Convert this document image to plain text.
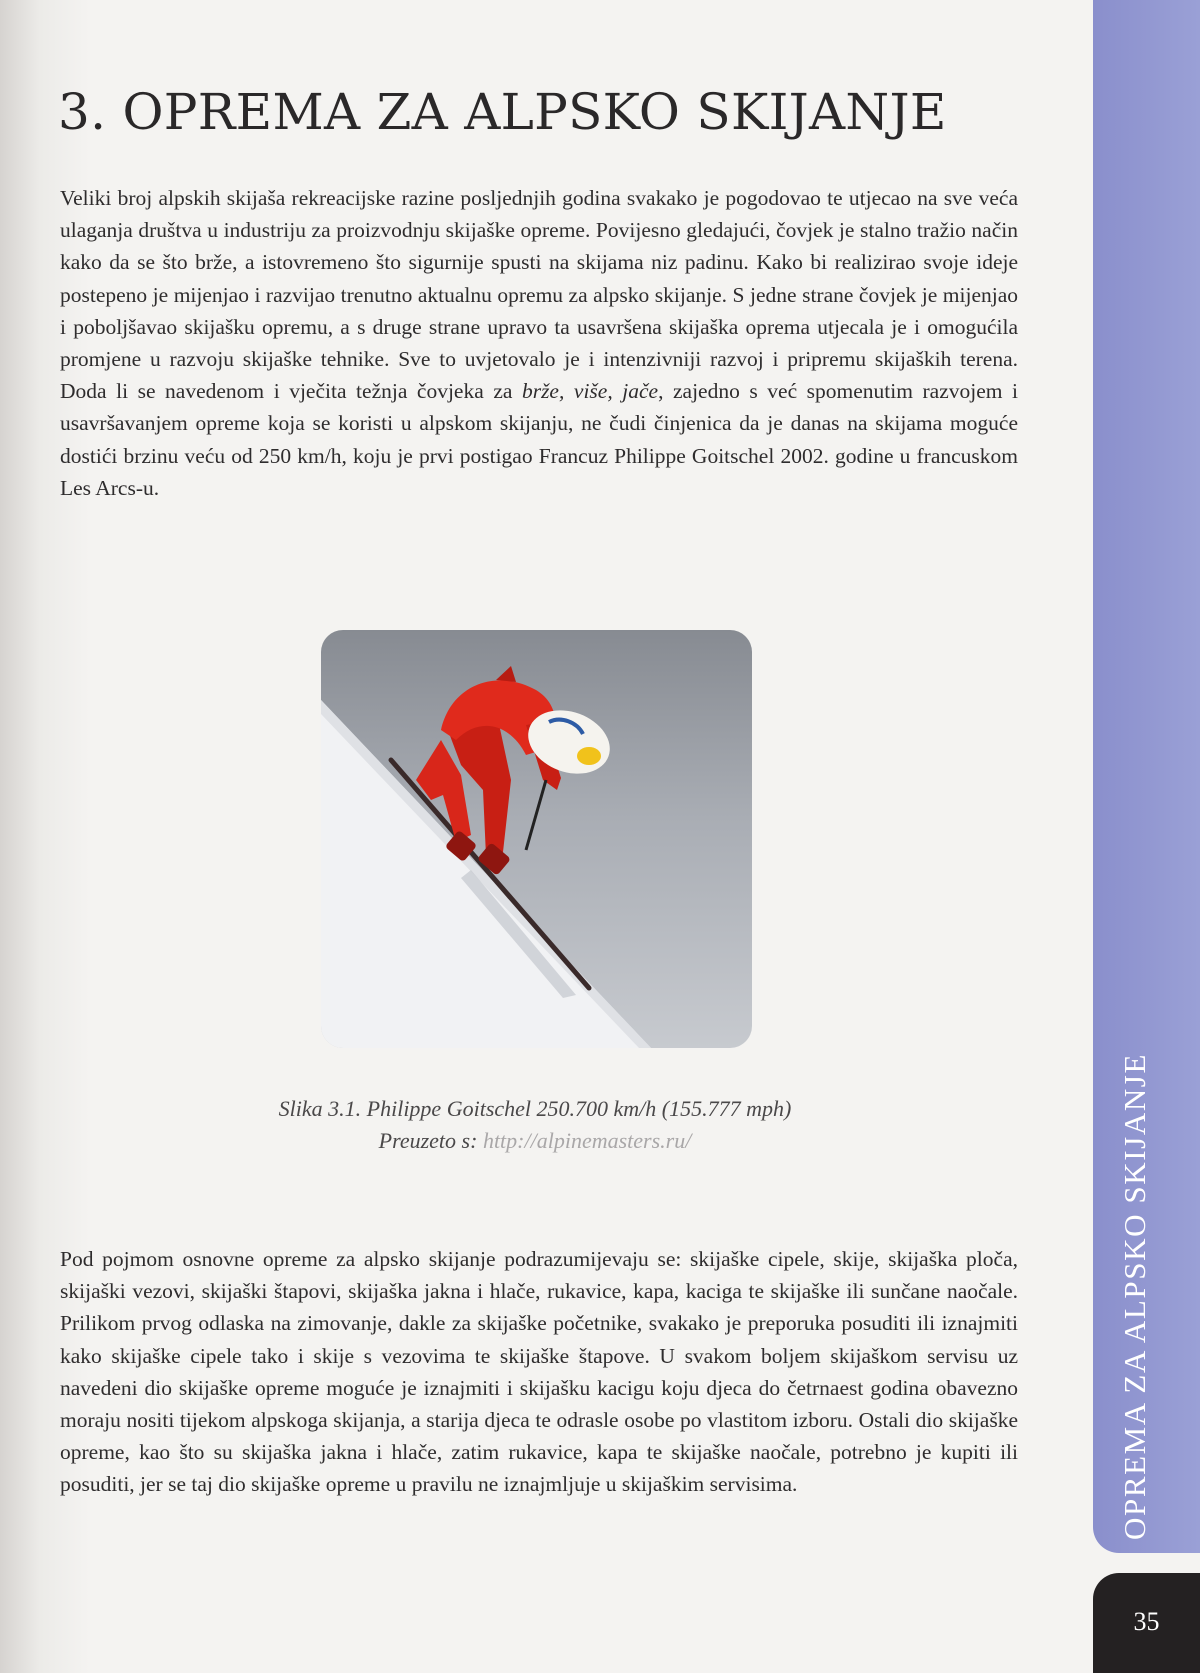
3. OPREMA ZA ALPSKO SKIJANJE

Veliki broj alpskih skijaša rekreacijske razine posljednjih godina svakako je pogodovao te utjecao na sve veća ulaganja društva u industriju za proizvodnju skijaške opreme. Povijesno gledajući, čovjek je stalno tražio način kako da se što brže, a istovremeno što sigurnije spusti na skijama niz padinu. Kako bi realizirao svoje ideje postepeno je mijenjao i razvijao trenutno aktualnu opremu za alpsko skijanje. S jedne strane čovjek je mijenjao i poboljšavao skijašku opremu, a s druge strane upravo ta usavršena skijaška oprema utjecala je i omogućila promjene u razvoju skijaške tehnike. Sve to uvjetovalo je i intenzivniji razvoj i pripremu skijaških terena. Doda li se navedenom i vječita težnja čovjeka za brže, više, jače, zajedno s već spomenutim razvojem i usavršavanjem opreme koja se koristi u alpskom skijanju, ne čudi činjenica da je danas na skijama moguće dostići brzinu veću od 250 km/h, koju je prvi postigao Francuz Philippe Goitschel 2002. godine u francuskom Les Arcs-u.

Slika 3.1. Philippe Goitschel 250.700 km/h (155.777 mph)

Preuzeto s: http://alpinemasters.ru/

Pod pojmom osnovne opreme za alpsko skijanje podrazumijevaju se: skijaške cipele, skije, skijaška ploča, skijaški vezovi, skijaški štapovi, skijaška jakna i hlače, rukavice, kapa, kaciga te skijaške ili sunčane naočale. Prilikom prvog odlaska na zimovanje, dakle za skijaške početnike, svakako je preporuka posuditi ili iznajmiti kako skijaške cipele tako i skije s vezovima te skijaške štapove. U svakom boljem skijaškom servisu uz navedeni dio skijaške opreme moguće je iznajmiti i skijašku kacigu koju djeca do četrnaest godina obavezno moraju nositi tijekom alpskoga skijanja, a starija djeca te odrasle osobe po vlastitom izboru. Ostali dio skijaške opreme, kao što su skijaška jakna i hlače, zatim rukavice, kapa te skijaške naočale, potrebno je kupiti ili posuditi, jer se taj dio skijaške opreme u pravilu ne iznajmljuje u skijaškim servisima.	OPREMA ZA ALPSKO SKIJANJE
35
